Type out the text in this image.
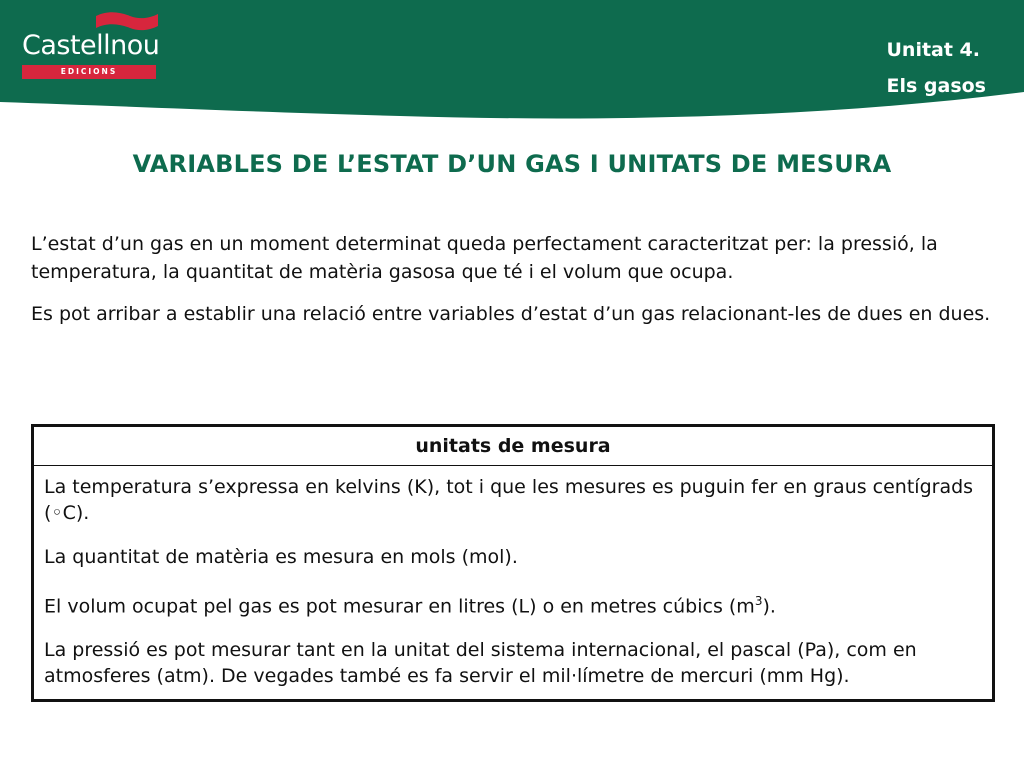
Castellnou
EDICIONS
Unitat 4.
Els gasos
VARIABLES DE L’ESTAT D’UN GAS I UNITATS DE MESURA

L’estat d’un gas en un moment determinat queda perfectament caracteritzat per: la pressió, la temperatura, la quantitat de matèria gasosa que té i el volum que ocupa.

Es pot arribar a establir una relació entre variables d’estat d’un gas relacionant-les de dues en dues.

unitats de mesura

La temperatura s’expressa en kelvins (K), tot i que les mesures es puguin fer en graus centígrads (◦C).

La quantitat de matèria es mesura en mols (mol).

El volum ocupat pel gas es pot mesurar en litres (L) o en metres cúbics $(m^3)$.

La pressió es pot mesurar tant en la unitat del sistema internacional, el pascal (Pa), com en atmosferes (atm). De vegades també es fa servir el mil·límetre de mercuri (mm Hg).
